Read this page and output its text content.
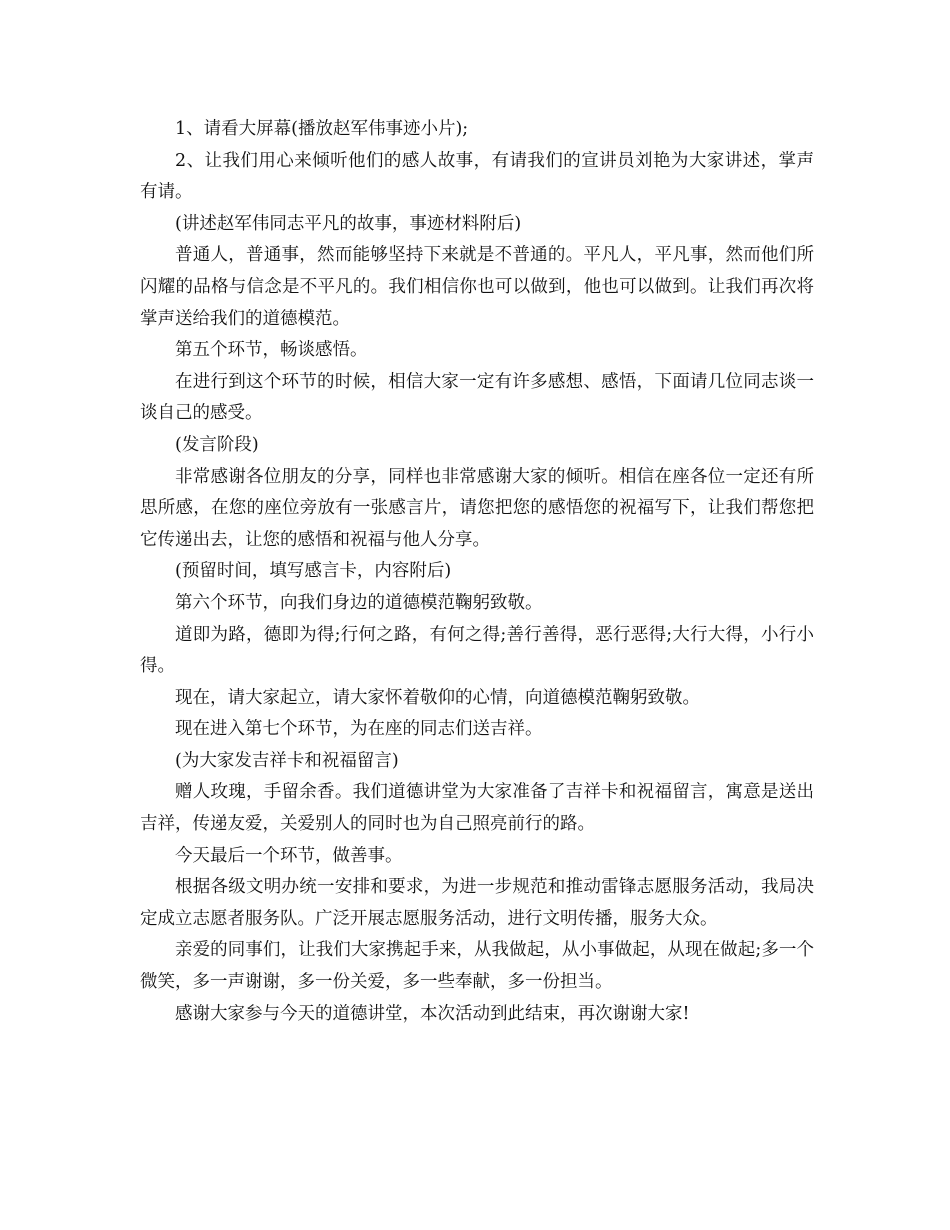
1、请看大屏幕(播放赵军伟事迹小片);

2、让我们用心来倾听他们的感人故事，有请我们的宣讲员刘艳为大家讲述，掌声有请。

(讲述赵军伟同志平凡的故事，事迹材料附后)

普通人，普通事，然而能够坚持下来就是不普通的。平凡人，平凡事，然而他们所闪耀的品格与信念是不平凡的。我们相信你也可以做到，他也可以做到。让我们再次将掌声送给我们的道德模范。

第五个环节，畅谈感悟。

在进行到这个环节的时候，相信大家一定有许多感想、感悟，下面请几位同志谈一谈自己的感受。

(发言阶段)

非常感谢各位朋友的分享，同样也非常感谢大家的倾听。相信在座各位一定还有所思所感，在您的座位旁放有一张感言片，请您把您的感悟您的祝福写下，让我们帮您把它传递出去，让您的感悟和祝福与他人分享。

(预留时间，填写感言卡，内容附后)

第六个环节，向我们身边的道德模范鞠躬致敬。

道即为路，德即为得;行何之路，有何之得;善行善得，恶行恶得;大行大得，小行小得。

现在，请大家起立，请大家怀着敬仰的心情，向道德模范鞠躬致敬。

现在进入第七个环节，为在座的同志们送吉祥。

(为大家发吉祥卡和祝福留言)

赠人玫瑰，手留余香。我们道德讲堂为大家准备了吉祥卡和祝福留言，寓意是送出吉祥，传递友爱，关爱别人的同时也为自己照亮前行的路。

今天最后一个环节，做善事。

根据各级文明办统一安排和要求，为进一步规范和推动雷锋志愿服务活动，我局决定成立志愿者服务队。广泛开展志愿服务活动，进行文明传播，服务大众。

亲爱的同事们，让我们大家携起手来，从我做起，从小事做起，从现在做起;多一个微笑，多一声谢谢，多一份关爱，多一些奉献，多一份担当。

感谢大家参与今天的道德讲堂，本次活动到此结束，再次谢谢大家!
